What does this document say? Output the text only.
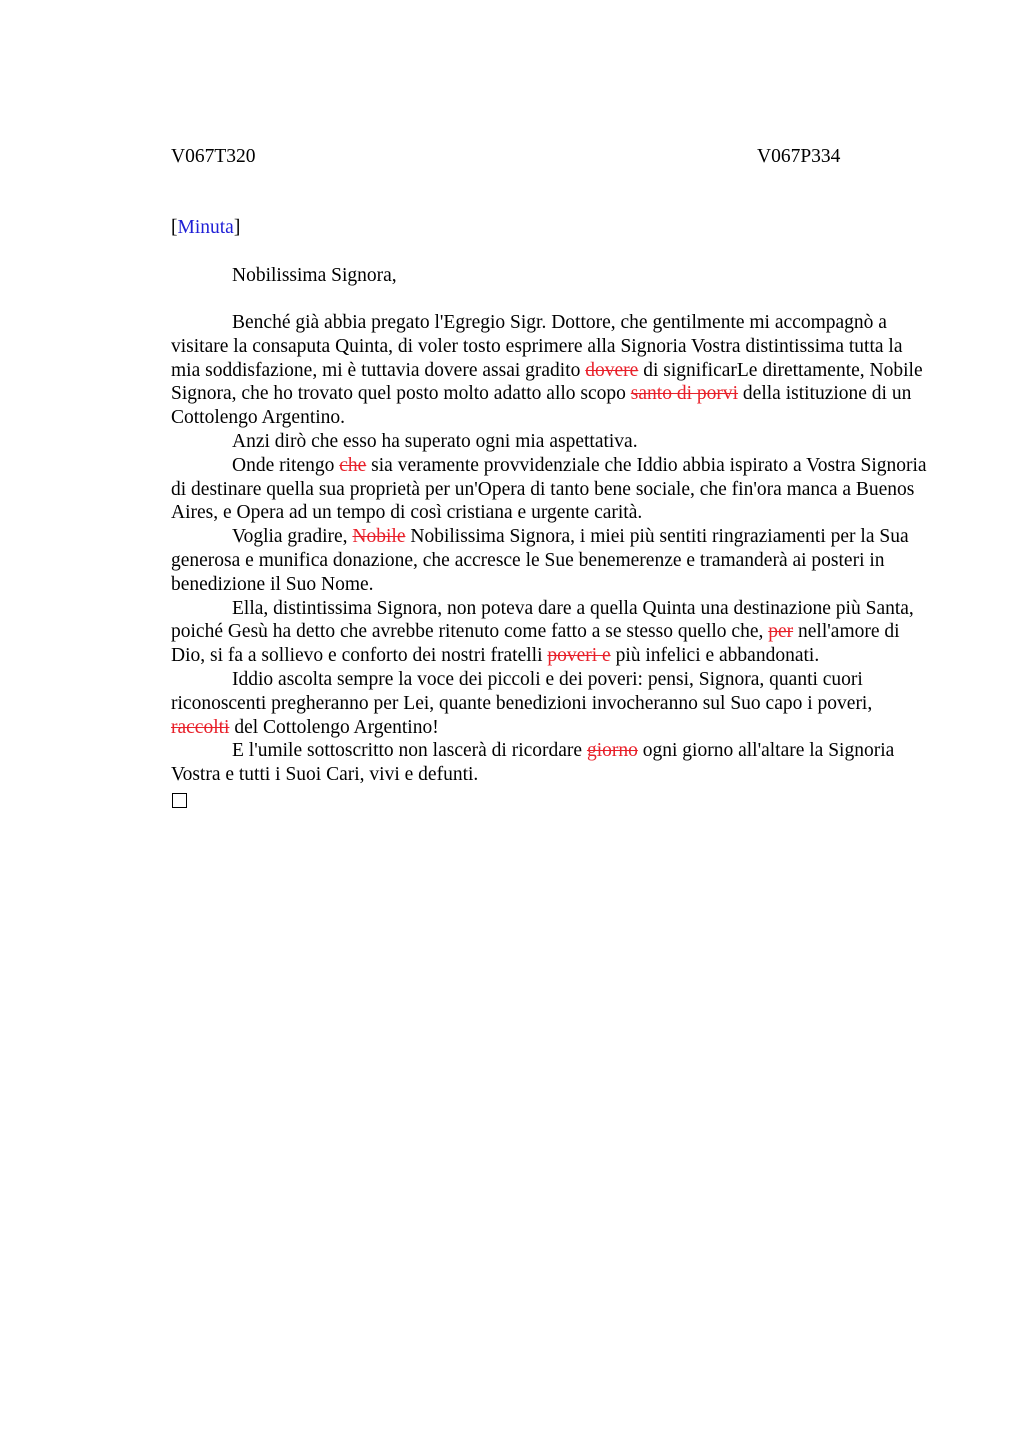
V067T320	V067P334
[Minuta]
Nobilissima Signora,

Benché già abbia pregato l'Egregio Sigr. Dottore, che gentilmente mi accompagnò a visitare la consaputa Quinta, di voler tosto esprimere alla Signoria Vostra distintissima tutta la mia soddisfazione, mi è tuttavia dovere assai gradito dovere di significarLe direttamente, Nobile Signora, che ho trovato quel posto molto adatto allo scopo santo di porvi della istituzione di un Cottolengo Argentino.

Anzi dirò che esso ha superato ogni mia aspettativa.

Onde ritengo che sia veramente provvidenziale che Iddio abbia ispirato a Vostra Signoria di destinare quella sua proprietà per un'Opera di tanto bene sociale, che fin'ora manca a Buenos Aires, e Opera ad un tempo di così cristiana e urgente carità.

Voglia gradire, Nobile Nobilissima Signora, i miei più sentiti ringraziamenti per la Sua generosa e munifica donazione, che accresce le Sue benemerenze e tramanderà ai posteri in benedizione il Suo Nome.

Ella, distintissima Signora, non poteva dare a quella Quinta una destinazione più Santa, poiché Gesù ha detto che avrebbe ritenuto come fatto a se stesso quello che, per nell'amore di Dio, si fa a sollievo e conforto dei nostri fratelli poveri e più infelici e abbandonati.

Iddio ascolta sempre la voce dei piccoli e dei poveri: pensi, Signora, quanti cuori riconoscenti pregheranno per Lei, quante benedizioni invocheranno sul Suo capo i poveri, raccolti del Cottolengo Argentino!

E l'umile sottoscritto non lascerà di ricordare giorno ogni giorno all'altare la Signoria Vostra e tutti i Suoi Cari, vivi e defunti.
